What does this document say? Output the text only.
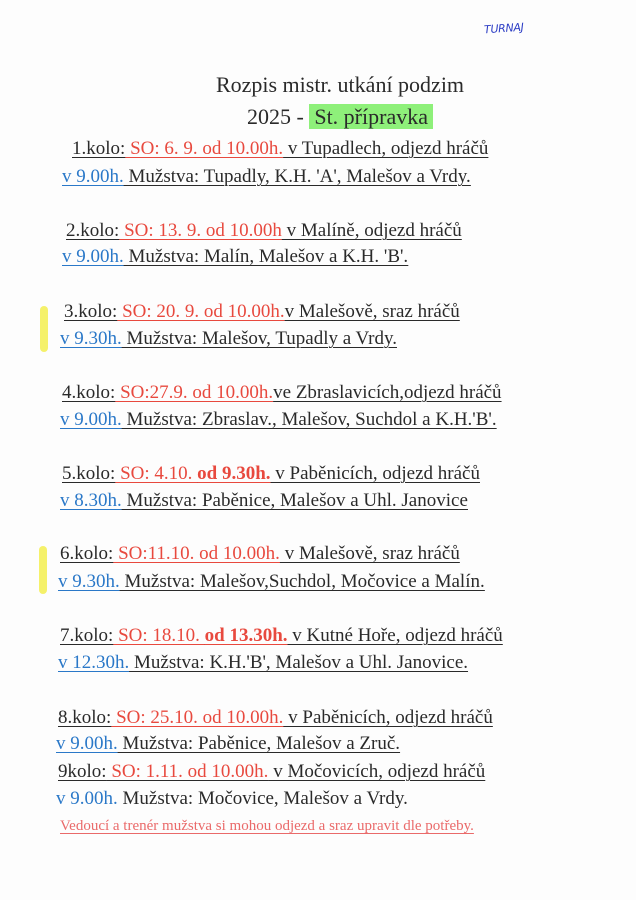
TURNAJ
Rozpis mistr. utkání podzim
2025 - St. přípravka
1.kolo: SO: 6. 9. od 10.00h. v Tupadlech, odjezd hráčů
v 9.00h. Mužstva: Tupadly, K.H. 'A', Malešov a Vrdy.
2.kolo: SO: 13. 9. od 10.00h v Malíně, odjezd hráčů
v 9.00h. Mužstva: Malín, Malešov a K.H. 'B'.
3.kolo: SO: 20. 9. od 10.00h.v Malešově, sraz hráčů
v 9.30h. Mužstva: Malešov, Tupadly a Vrdy.
4.kolo: SO:27.9. od 10.00h.ve Zbraslavicích,odjezd hráčů
v 9.00h. Mužstva: Zbraslav., Malešov, Suchdol a K.H.'B'.
5.kolo: SO: 4.10. od 9.30h. v Paběnicích, odjezd hráčů
v 8.30h. Mužstva: Paběnice, Malešov a Uhl. Janovice
6.kolo: SO:11.10. od 10.00h. v Malešově, sraz hráčů
v 9.30h. Mužstva: Malešov,Suchdol, Močovice a Malín.
7.kolo: SO: 18.10. od 13.30h. v Kutné Hoře, odjezd hráčů
v 12.30h. Mužstva: K.H.'B', Malešov a Uhl. Janovice.
8.kolo: SO: 25.10. od 10.00h. v Paběnicích, odjezd hráčů
v 9.00h. Mužstva: Paběnice, Malešov a Zruč.
9kolo: SO: 1.11. od 10.00h. v Močovicích, odjezd hráčů
v 9.00h. Mužstva: Močovice, Malešov a Vrdy.
Vedoucí a trenér mužstva si mohou odjezd a sraz upravit dle potřeby.
